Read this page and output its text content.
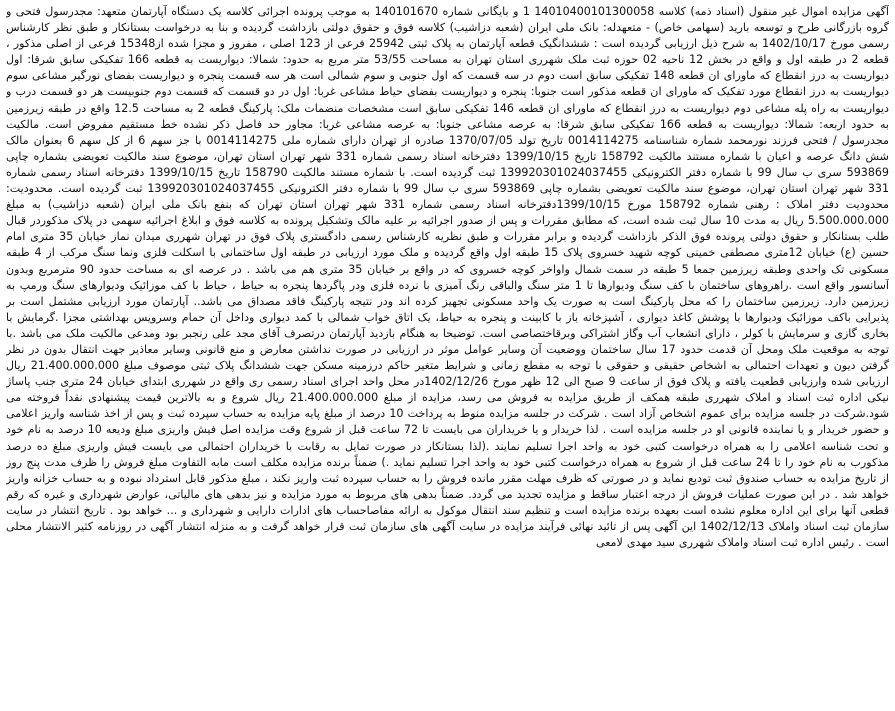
آگهی مزایده اموال غیر منقول (اسناد ذمه) کلاسه 14010400101300058 1 و بایگانی شماره 140101670 به موجب پرونده اجرائی کلاسه یک دستگاه آپارتمان متعهد: مجدرسول فتحی و گروه بازرگانی طرح و توسعه بارید (سهامی خاص) - متعهدله: بانک ملی ایران (شعبه دزاشیب) کلاسه فوق و حقوق دولتی بازداشت گردیده و بنا به درخواست بستانکار و طبق نظر کارشناس رسمی مورخ 1402/10/17 به شرح ذیل ارزیابی گردیده است : ششدانگیک قطعه آپارتمان به پلاک ثبتی 25942 فرعی از 123 اصلی ، مفروز و مجزا شده از15348 فرعی از اصلی مذکور ، قطعه 2 در طبقه اول و واقع در بخش 12 ناحیه 02 حوزه ثبت ملک شهرری استان تهران به مساحت 53/55 متر مربع به حدود: شمالا: دیواریست به قطعه 166 تفکیکی سابق شرقا: اول دیواریست به درز انقطاع که ماورای ان قطعه 148 تفکیکی سابق است دوم در سه قسمت که اول جنوبی و سوم شمالی است هر سه قسمت پنجره و دیواریست بفضای نورگیر مشاعی سوم دیواریست به درز انقطاع مورد تفکیک که ماورای ان قطعه مذکور است جنوبا: پنجره و دیواریست بفضای حیاط مشاعی غربا: اول در دو قسمت که قسمت دوم جنوبیست هر دو قسمت درب و دیواریست به راه پله مشاعی دوم دیواریست به درز انقطاع که ماورای ان قطعه 146 تفکیکی سابق است مشخصات منضمات ملک: پارکینگ قطعه 2 به مساحت 12.5 واقع در طبقه زیرزمین به حدود اربعه: شمالا: دیواریست به قطعه 166 تفکیکی سابق شرقا: به عرصه مشاعی جنوبا: به عرصه مشاعی غربا: مجاور حد فاصل ذکر نشده خط مستقیم مفروض است. مالکیت مجدرسول / فتحی فرزند نورمحمد شماره شناسنامه 0014114275 تاریخ تولد 1370/07/05 صادره از تهران دارای شماره ملی 0014114275 با جز سهم 6 از کل سهم 6 بعنوان مالک شش دانگ عرصه و اعیان با شماره مستند مالکیت 158792 تاریخ 1399/10/15 دفترخانه اسناد رسمی شماره 331 شهر تهران استان تهران، موضوع سند مالکیت تعویضی بشماره چاپی 593869 سری ب سال 99 با شماره دفتر الکترونیکی 139920301024037455 ثبت گردیده است. با شماره مستند مالکیت 158790 تاریخ 1399/10/15 دفترخانه اسناد رسمی شماره 331 شهر تهران استان تهران، موضوع سند مالکیت تعویضی بشماره چاپی 593869 سری ب سال 99 با شماره دفتر الکترونیکی 139920301024037455 ثبت گردیده است. محدودیت: محدودیت دفتر املاک : رهنی شماره 158792 مورخ 1399/10/15دفترخانه اسناد رسمی شماره 331 شهر تهران استان تهران که بنفع بانک ملی ایران (شعبه دزاشیب) به مبلغ 5.500.000.000 ریال به مدت 10 سال ثبت شده است، که مطابق مقررات و پس از صدور اجرائیه بر علیه مالک وتشکیل پرونده به کلاسه فوق و ابلاغ اجرائیه سهمی در پلاک مذکوردر قبال طلب بستانکار و حقوق دولتی پرونده فوق الذکر بازداشت گردیده و برابر مقررات و طبق نظریه کارشناس رسمی دادگستری پلاک فوق در تهران شهرری میدان نماز خیابان 35 متری امام حسین (ع) خیابان 12متری مصطفی خمینی کوچه شهید خسروی پلاک 15 طبقه اول واقع گردیده و ملک مورد ارزیابی در طبقه اول ساختمانی با اسکلت فلزی ونما سنگ مرکب از 4 طبقه مسکونی تک واحدی وطبقه زیرزمین جمعا 5 طبقه در سمت شمال واواخر کوچه خسروی که در واقع بر خیابان 35 متری هم می باشد . در عرصه ای به مساحت حدود 90 مترمربع وبدون آسانسور واقع است .راهروهای ساختمان با کف سنگ ودیوارها تا 1 متر سنگ والباقی رنگ آمیزی با نرده فلزی ودر پاگردها پنجره به حیاط ، حیاط با کف موزائیک ودیوارهای سنگ ورمپ به زیرزمین دارد. زیرزمین ساختمان را که محل پارکینگ است به صورت یک واحد مسکونی تجهیز کرده اند ودر نتیجه پارکینگ فاقد مصداق می باشد.. آپارتمان مورد ارزیابی مشتمل است بر پذیرایی باکف موزائیک ودیوارها با پوشش کاغذ دیواری ، آشپزخانه باز با کابینت و پنجره به حیاط، یک اتاق خواب شمالی با کمد دیواری وداخل آن حمام وسرویس بهداشتی مجزا .گرمایش با بخاری گازی و سرمایش با کولر ، دارای انشعاب آب وگاز اشتراکی وبرقاختصاصی است. توضیحا به هنگام بازدید آپارتمان درتصرف آقای مجد علی رنجبر بود ومدعی مالکیت ملک می باشد .با توجه به موقعیت ملک ومحل آن قدمت حدود 17 سال ساختمان ووضعیت آن وسایر عوامل موثر در ارزیابی در صورت نداشتن معارض و منع قانونی وسایر معاذیر جهت انتقال بدون در نظر گرفتن دیون و تعهدات احتمالی به اشخاص حقیقی و حقوقی با توجه به مقطع زمانی و شرایط متغیر حاکم درزمینه مسکن جهت ششدانگ پلاک ثبتی موصوف مبلغ 21.400.000.000 ریال ارزیابی شده وارزیابی قطعیت یافته و پلاک فوق از ساعت 9 صبح الی 12 ظهر مورخ 1402/12/26در محل واحد اجرای اسناد رسمی ری واقع در شهرری ابتدای خیابان 24 متری جنب پاساژ نیکی اداره ثبت اسناد و املاک شهرری طبقه همکف از طریق مزایده به فروش می رسد، مزایده از مبلغ 21.400.000.000 ریال شروع و به بالاترین قیمت پیشنهادی نقداً فروخته می شود.شرکت در جلسه مزایده برای عموم اشخاص آزاد است . شرکت در جلسه مزایده منوط به پرداخت 10 درصد از مبلغ پایه مزایده به حساب سپرده ثبت و پس از اخذ شناسه واریز اعلامی و حضور خریدار و یا نماینده قانونی او در جلسه مزایده است . لذا خریدار و یا خریداران می بایست تا 72 ساعت قبل از شروع وقت مزایده اصل فیش واریزی مبلغ ودیعه 10 درصد به نام خود و تحت شناسه اعلامی را به همراه درخواست کتبی خود به واحد اجرا تسلیم نمایند .(لذا بستانکار در صورت تمایل به رقابت با خریداران احتمالی می بایست فیش واریزی مبلغ ده درصد مذکورب به نام خود را تا 24 ساعت قبل از شروع به همراه درخواست کتبی خود به واحد اجرا تسلیم نماید .) ضمناً برنده مزایده مکلف است مابه التفاوت مبلغ فروش را ظرف مدت پنج روز از تاریخ مزایده به حساب صندوق ثبت تودیع نماید و در صورتی که ظرف مهلت مقرر مانده فروش را به حساب سپرده ثبت واریز نکند ، مبلغ مذکور قابل استرداد نبوده و به حساب خزانه واریز خواهد شد . در این صورت عملیات فروش از درجه اعتبار ساقط و مزایده تجدید می گردد. ضمناً بدهی های مربوط به مورد مزایده و نیز بدهی های مالیاتی، عوارض شهرداری و غیره که رقم قطعی آنها برای این اداره معلوم نشده است بعهده برنده مزایده است و تنظیم سند انتقال موکول به ارائه مفاصاحساب های ادارات دارایی و شهرداری و ... خواهد بود . تاریخ انتشار در سایت سازمان ثبت اسناد واملاک 1402/12/13 این آگهی پس از تائید نهائی فرآیند مزایده در سایت آگهی های سازمان ثبت قرار خواهد گرفت و به منزله انتشار آگهی در روزنامه کثیر الانتشار محلی است . رئیس اداره ثبت اسناد واملاک شهرری سید مهدی لامعی
